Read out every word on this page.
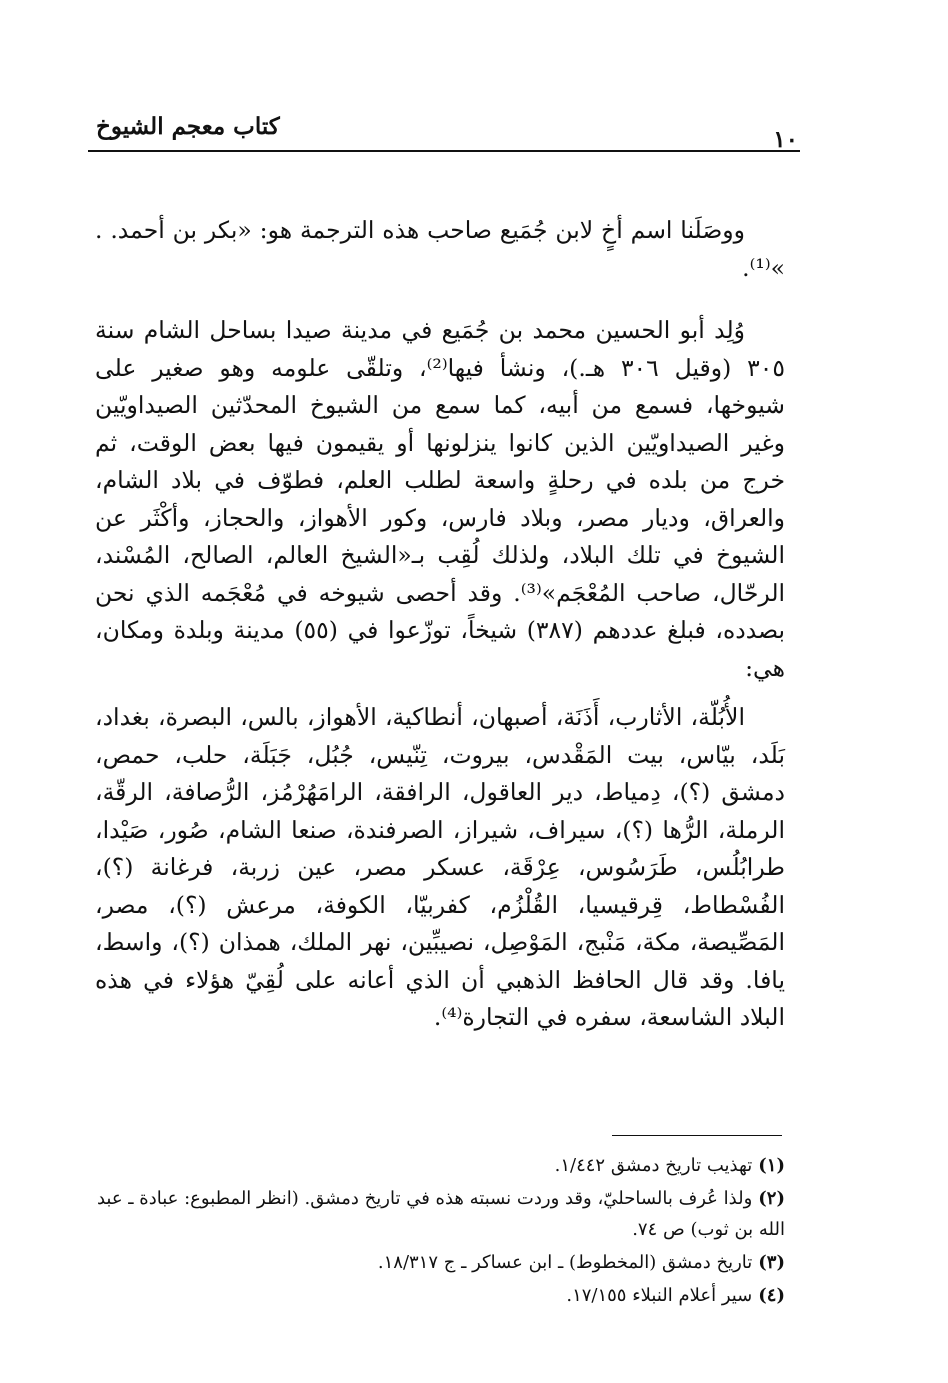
كتاب معجم الشيوخ	١٠

ووصَلَنا اسم أخٍ لابن جُمَيع صاحب هذه الترجمة هو: «بكر بن أحمد. . »⁽¹⁾.

وُلِد أبو الحسين محمد بن جُمَيع في مدينة صيدا بساحل الشام سنة ٣٠٥ (وقيل ٣٠٦ هـ.)، ونشأ فيها⁽²⁾، وتلقّى علومه وهو صغير على شيوخها، فسمع من أبيه، كما سمع من الشيوخ المحدّثين الصيداويّين وغير الصيداويّين الذين كانوا ينزلونها أو يقيمون فيها بعض الوقت، ثم خرج من بلده في رحلةٍ واسعة لطلب العلم، فطوّف في بلاد الشام، والعراق، وديار مصر، وبلاد فارس، وكور الأهواز، والحجاز، وأكْثَر عن الشيوخ في تلك البلاد، ولذلك لُقِب بـ«الشيخ العالم، الصالح، المُسْند، الرحّال، صاحب المُعْجَم»⁽³⁾. وقد أحصى شيوخه في مُعْجَمه الذي نحن بصدده، فبلغ عددهم (٣٨٧) شيخاً، توزّعوا في (٥٥) مدينة وبلدة ومكان، هي:

الأُبُلّة، الأثارب، أَذَنَة، أصبهان، أنطاكية، الأهواز، بالس، البصرة، بغداد، بَلَد، بيّاس، بيت المَقْدس، بيروت، تِنّيس، جُبُل، جَبَلَة، حلب، حمص، دمشق (؟)، دِمياط، دير العاقول، الرافقة، الرامَهُرْمُز، الرُّصافة، الرقّة، الرملة، الرُّها (؟)، سيراف، شيراز، الصرفندة، صنعا الشام، صُور، صَيْدا، طرابُلُس، طَرَسُوس، عِرْقَة، عسكر مصر، عين زربة، فرغانة (؟)، الفُسْطاط، قِرقيسيا، القُلْزُم، كفربيّا، الكوفة، مرعش (؟)، مصر، المَصِّيصة، مكة، مَنْبج، المَوْصِل، نصيبِّين، نهر الملك، همذان (؟)، واسط، يافا. وقد قال الحافظ الذهبي أن الذي أعانه على لُقِيّ هؤلاء في هذه البلاد الشاسعة، سفره في التجارة⁽⁴⁾.

(١)تهذيب تاريخ دمشق ١/٤٤٢.

(٢)ولذا عُرف بالساحليّ، وقد وردت نسبته هذه في تاريخ دمشق. (انظر المطبوع: عبادة ـ عبد الله بن ثوب) ص ٧٤.

(٣)تاريخ دمشق (المخطوط) ـ ابن عساكر ـ ج ١٨/٣١٧.

(٤)سير أعلام النبلاء ١٧/١٥٥.
